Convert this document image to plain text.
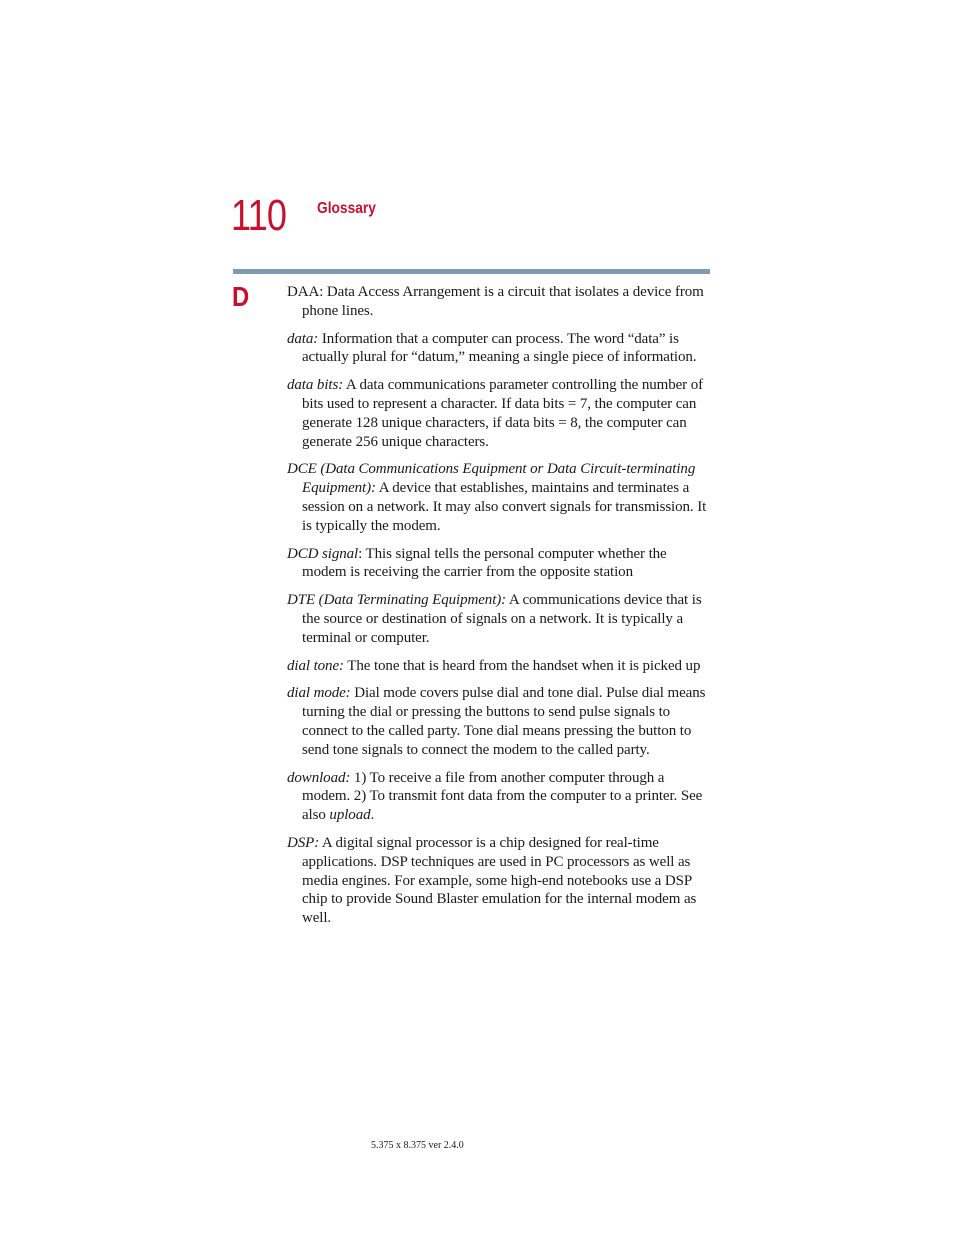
110 Glossary
D	DAA: Data Access Arrangement is a circuit that isolates a device from phone lines.

data: Information that a computer can process. The word “data” is actually plural for “datum,” meaning a single piece of information.

data bits: A data communications parameter controlling the number of bits used to represent a character. If data bits = 7, the computer can generate 128 unique characters, if data bits = 8, the computer can generate 256 unique characters.

DCE (Data Communications Equipment or Data Circuit-terminating Equipment): A device that establishes, maintains and terminates a session on a network. It may also convert signals for transmission. It is typically the modem.

DCD signal: This signal tells the personal computer whether the modem is receiving the carrier from the opposite station

DTE (Data Terminating Equipment): A communications device that is the source or destination of signals on a network. It is typically a terminal or computer.

dial tone: The tone that is heard from the handset when it is picked up

dial mode: Dial mode covers pulse dial and tone dial. Pulse dial means turning the dial or pressing the buttons to send pulse signals to connect to the called party. Tone dial means pressing the button to send tone signals to connect the modem to the called party.

download: 1) To receive a file from another computer through a modem. 2) To transmit font data from the computer to a printer. See also upload.

DSP: A digital signal processor is a chip designed for real-time applications. DSP techniques are used in PC processors as well as media engines. For example, some high-end notebooks use a DSP chip to provide Sound Blaster emulation for the internal modem as well.

5.375 x 8.375 ver 2.4.0
